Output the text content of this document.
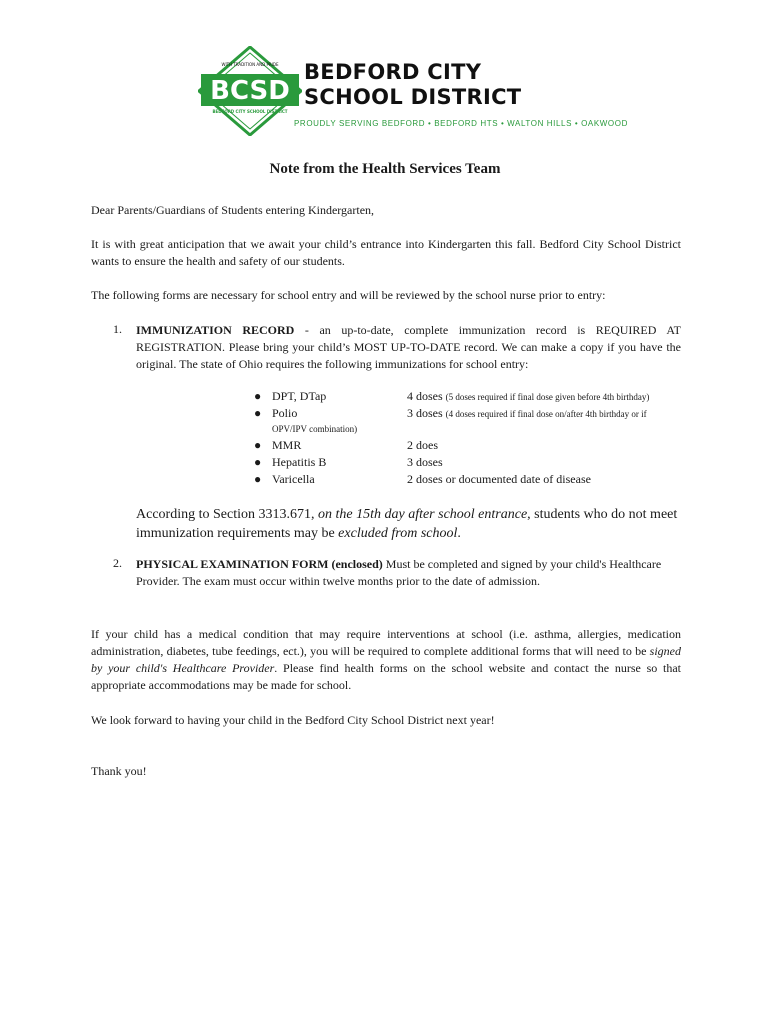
BCSD
WITH TRADITION AND PRIDE
BEDFORD CITY SCHOOL DISTRICT
BEDFORD CITY
SCHOOL DISTRICT
PROUDLY SERVING BEDFORD • BEDFORD HTS • WALTON HILLS • OAKWOOD
Note from the Health Services Team
Dear Parents/Guardians of Students entering Kindergarten,
It is with great anticipation that we await your child’s entrance into Kindergarten this fall. Bedford City School District wants to ensure the health and safety of our students.
The following forms are necessary for school entry and will be reviewed by the school nurse prior to entry:
1. IMMUNIZATION RECORD - an up-to-date, complete immunization record is REQUIRED AT REGISTRATION. Please bring your child’s MOST UP-TO-DATE record. We can make a copy if you have the original. The state of Ohio requires the following immunizations for school entry:
● DPT, DTap	4 doses (5 doses required if final dose given before 4th birthday)
● Polio	3 doses (4 doses required if final dose on/after 4th birthday or if
OPV/IPV combination)
● MMR	2 does
● Hepatitis B	3 doses
● Varicella	2 doses or documented date of disease
According to Section 3313.671, on the 15th day after school entrance, students who do not meet immunization requirements may be excluded from school.
2. PHYSICAL EXAMINATION FORM (enclosed) Must be completed and signed by your child's Healthcare Provider. The exam must occur within twelve months prior to the date of admission.
If your child has a medical condition that may require interventions at school (i.e. asthma, allergies, medication administration, diabetes, tube feedings, ect.), you will be required to complete additional forms that will need to be signed by your child's Healthcare Provider. Please find health forms on the school website and contact the nurse so that appropriate accommodations may be made for school.
We look forward to having your child in the Bedford City School District next year!
Thank you!
